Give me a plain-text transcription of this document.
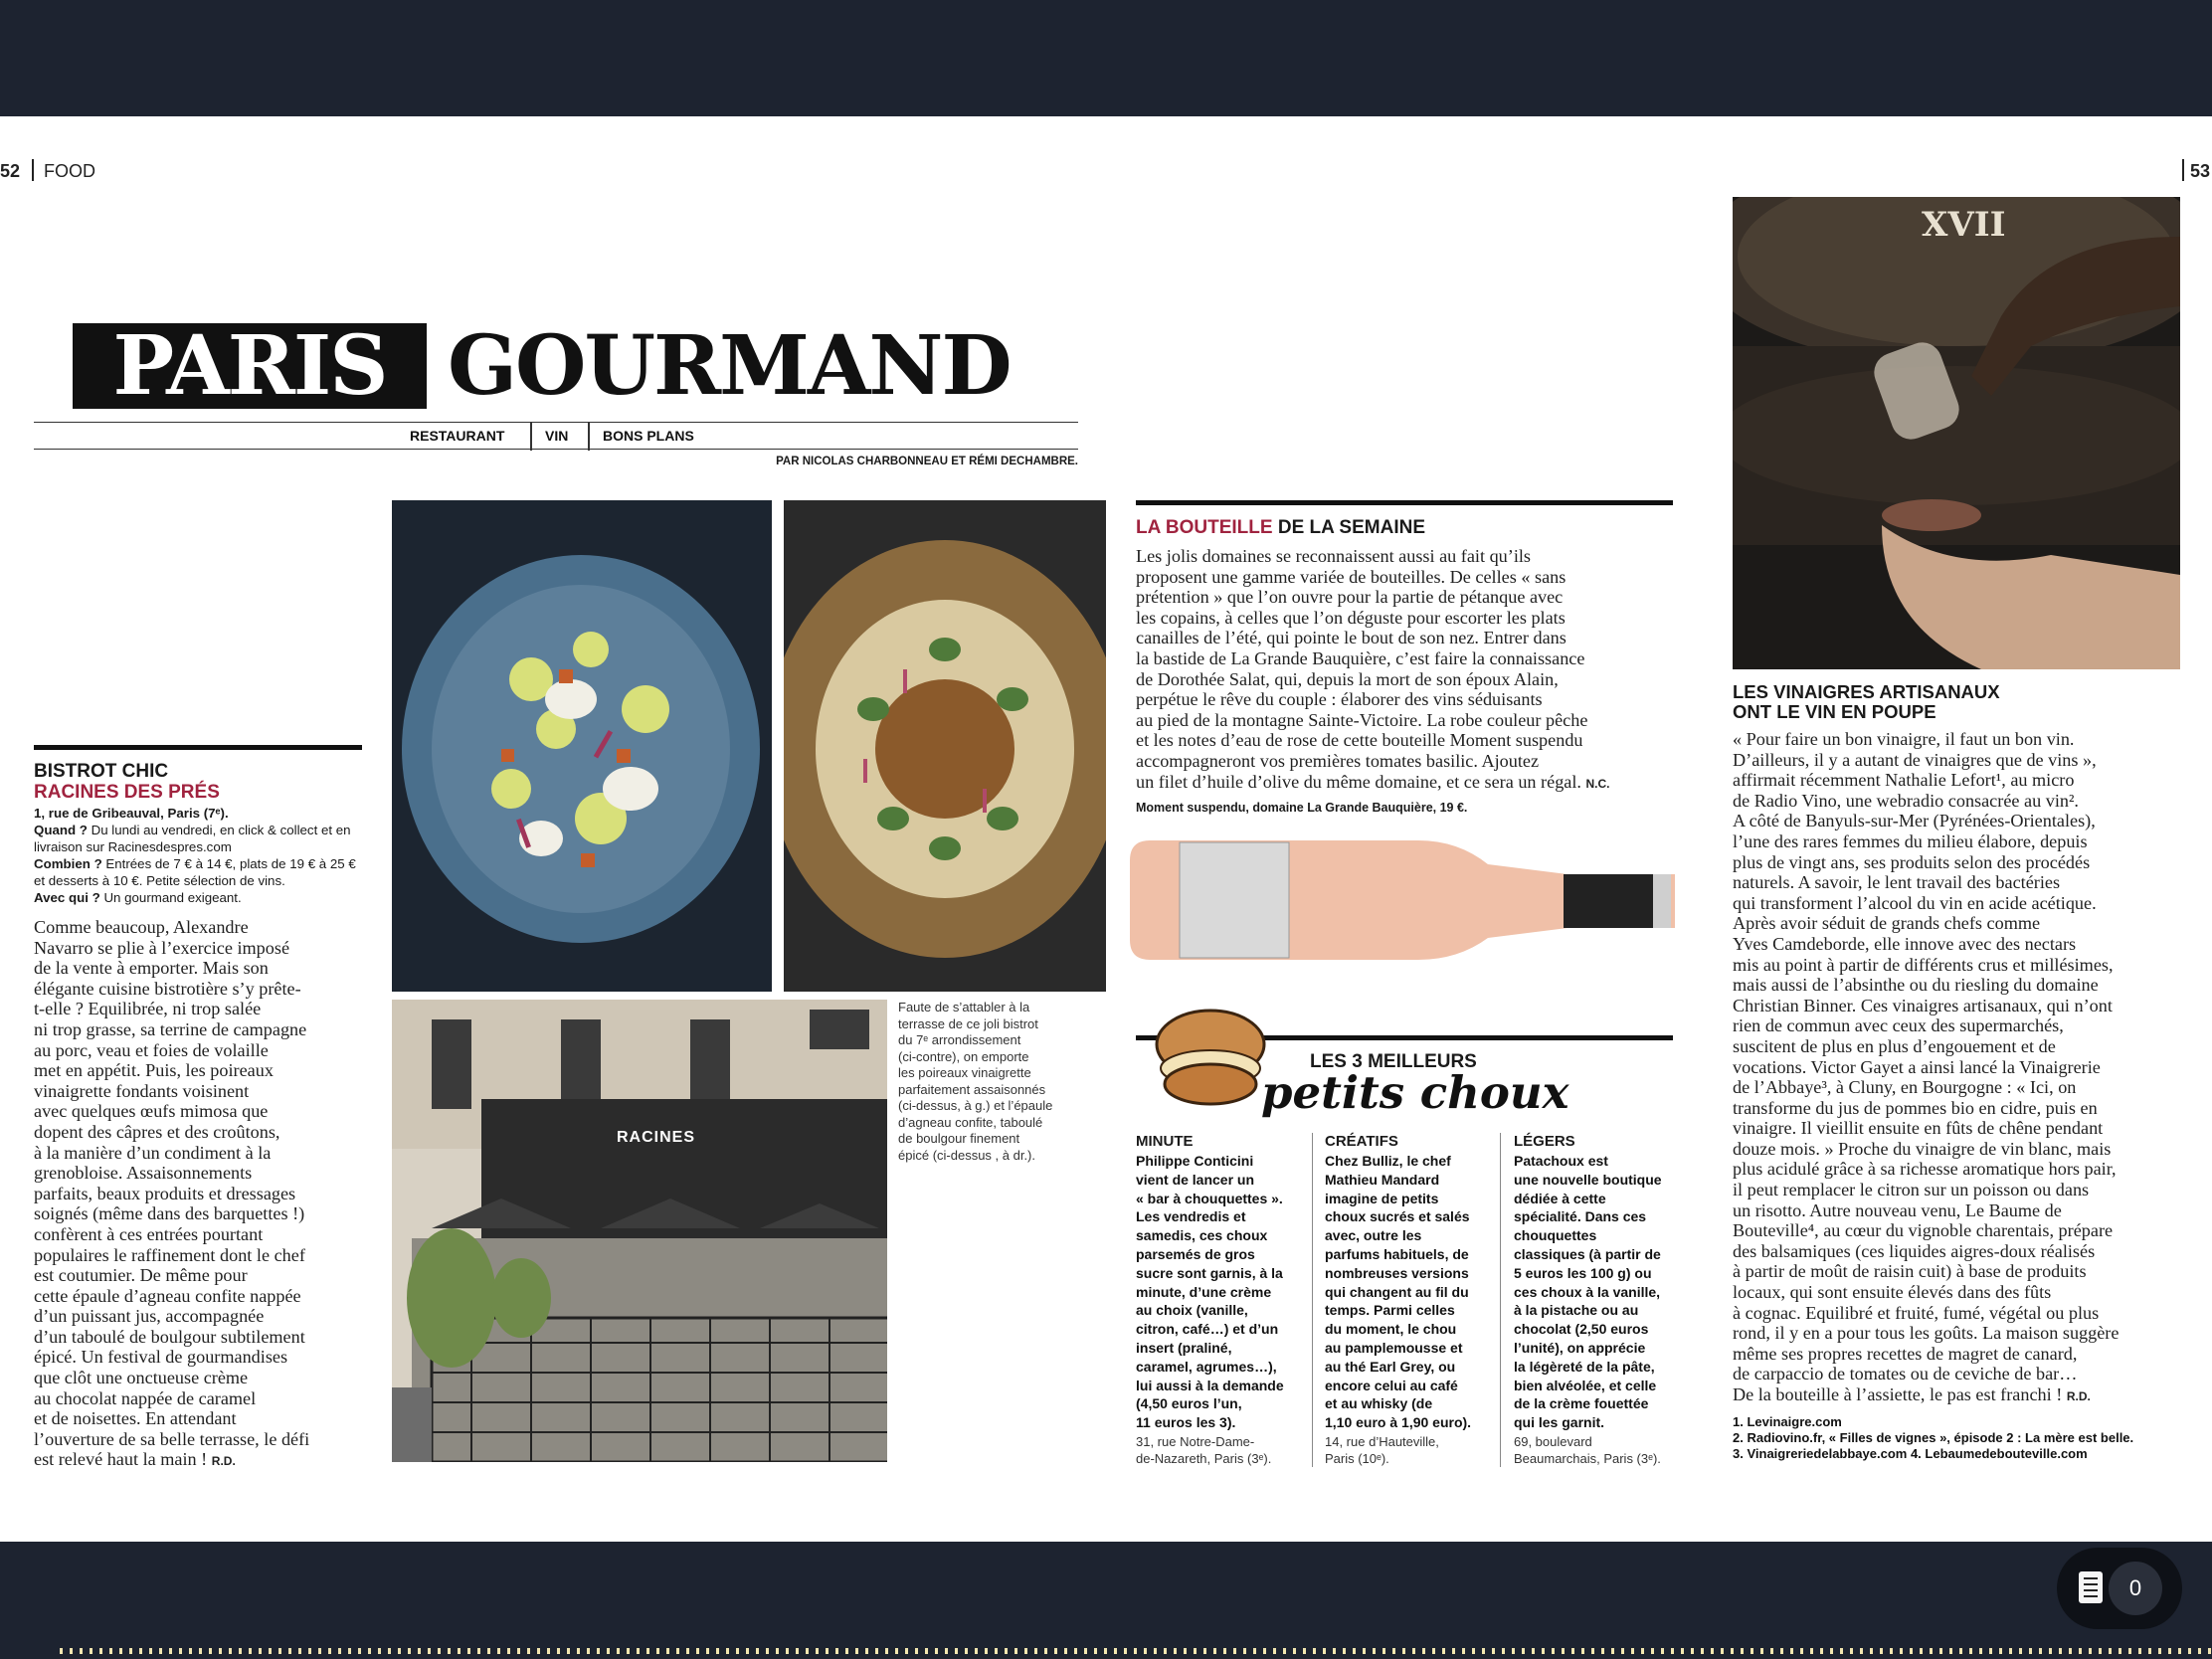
52 FOOD	53
PARIS GOURMAND
RESTAURANT	VIN BONS PLANS
PAR NICOLAS CHARBONNEAU ET RÉMI DECHAMBRE.
BISTROT CHIC
RACINES DES PRÉS
1, rue de Gribeauval, Paris (7ᵉ).
Quand ? Du lundi au vendredi, en click & collect et en livraison sur Racinesdespres.com
Combien ? Entrées de 7 € à 14 €, plats de 19 € à 25 € et desserts à 10 €. Petite sélection de vins.
Avec qui ? Un gourmand exigeant.
Comme beaucoup, Alexandre
Navarro se plie à l’exercice imposé
de la vente à emporter. Mais son
élégante cuisine bistrotière s’y prête-
t-elle ? Equilibrée, ni trop salée
ni trop grasse, sa terrine de campagne
au porc, veau et foies de volaille
met en appétit. Puis, les poireaux
vinaigrette fondants voisinent
avec quelques œufs mimosa que
dopent des câpres et des croûtons,
à la manière d’un condiment à la
grenobloise. Assaisonnements
parfaits, beaux produits et dressages
soignés (même dans des barquettes !)
confèrent à ces entrées pourtant
populaires le raffinement dont le chef
est coutumier. De même pour
cette épaule d’agneau confite nappée
d’un puissant jus, accompagnée
d’un taboulé de boulgour subtilement
épicé. Un festival de gourmandises
que clôt une onctueuse crème
au chocolat nappée de caramel
et de noisettes. En attendant
l’ouverture de sa belle terrasse, le défi
est relevé haut la main ! R.D.
RACINES
Faute de s’attabler à la
terrasse de ce joli bistrot
du 7ᵉ arrondissement
(ci-contre), on emporte
les poireaux vinaigrette
parfaitement assaisonnés
(ci-dessus, à g.) et l’épaule
d’agneau confite, taboulé
de boulgour finement
épicé (ci-dessus , à dr.).
LA BOUTEILLE DE LA SEMAINE
Les jolis domaines se reconnaissent aussi au fait qu’ils
proposent une gamme variée de bouteilles. De celles « sans
prétention » que l’on ouvre pour la partie de pétanque avec
les copains, à celles que l’on déguste pour escorter les plats
canailles de l’été, qui pointe le bout de son nez. Entrer dans
la bastide de La Grande Bauquière, c’est faire la connaissance
de Dorothée Salat, qui, depuis la mort de son époux Alain,
perpétue le rêve du couple : élaborer des vins séduisants
au pied de la montagne Sainte-Victoire. La robe couleur pêche
et les notes d’eau de rose de cette bouteille Moment suspendu
accompagneront vos premières tomates basilic. Ajoutez
un filet d’huile d’olive du même domaine, et ce sera un régal. N.C.
Moment suspendu, domaine La Grande Bauquière, 19 €.
LES 3 MEILLEURS
petits choux
MINUTE
Philippe Conticini
vient de lancer un
« bar à chouquettes ».
Les vendredis et
samedis, ces choux
parsemés de gros
sucre sont garnis, à la
minute, d’une crème
au choix (vanille,
citron, café…) et d’un
insert (praliné,
caramel, agrumes…),
lui aussi à la demande
(4,50 euros l’un,
11 euros les 3).
31, rue Notre-Dame-
de-Nazareth, Paris (3ᵉ).
CRÉATIFS
Chez Bulliz, le chef
Mathieu Mandard
imagine de petits
choux sucrés et salés
avec, outre les
parfums habituels, de
nombreuses versions
qui changent au fil du
temps. Parmi celles
du moment, le chou
au pamplemousse et
au thé Earl Grey, ou
encore celui au café
et au whisky (de
1,10 euro à 1,90 euro).
14, rue d’Hauteville,
Paris (10ᵉ).
LÉGERS
Patachoux est
une nouvelle boutique
dédiée à cette
spécialité. Dans ces
chouquettes
classiques (à partir de
5 euros les 100 g) ou
ces choux à la vanille,
à la pistache ou au
chocolat (2,50 euros
l’unité), on apprécie
la légèreté de la pâte,
bien alvéolée, et celle
de la crème fouettée
qui les garnit.
69, boulevard
Beaumarchais, Paris (3ᵉ).
XVII
LES VINAIGRES ARTISANAUX
ONT LE VIN EN POUPE
« Pour faire un bon vinaigre, il faut un bon vin.
D’ailleurs, il y a autant de vinaigres que de vins »,
affirmait récemment Nathalie Lefort¹, au micro
de Radio Vino, une webradio consacrée au vin².
A côté de Banyuls-sur-Mer (Pyrénées-Orientales),
l’une des rares femmes du milieu élabore, depuis
plus de vingt ans, ses produits selon des procédés
naturels. A savoir, le lent travail des bactéries
qui transforment l’alcool du vin en acide acétique.
Après avoir séduit de grands chefs comme
Yves Camdeborde, elle innove avec des nectars
mis au point à partir de différents crus et millésimes,
mais aussi de l’absinthe ou du riesling du domaine
Christian Binner. Ces vinaigres artisanaux, qui n’ont
rien de commun avec ceux des supermarchés,
suscitent de plus en plus d’engouement et de
vocations. Victor Gayet a ainsi lancé la Vinaigrerie
de l’Abbaye³, à Cluny, en Bourgogne : « Ici, on
transforme du jus de pommes bio en cidre, puis en
vinaigre. Il vieillit ensuite en fûts de chêne pendant
douze mois. » Proche du vinaigre de vin blanc, mais
plus acidulé grâce à sa richesse aromatique hors pair,
il peut remplacer le citron sur un poisson ou dans
un risotto. Autre nouveau venu, Le Baume de
Bouteville⁴, au cœur du vignoble charentais, prépare
des balsamiques (ces liquides aigres-doux réalisés
à partir de moût de raisin cuit) à base de produits
locaux, qui sont ensuite élevés dans des fûts
à cognac. Equilibré et fruité, fumé, végétal ou plus
rond, il y en a pour tous les goûts. La maison suggère
même ses propres recettes de magret de canard,
de carpaccio de tomates ou de ceviche de bar…
De la bouteille à l’assiette, le pas est franchi ! R.D.
1. Levinaigre.com
2. Radiovino.fr, « Filles de vignes », épisode 2 : La mère est belle.
3. Vinaigreriedelabbaye.com 4. Lebaumedebouteville.com
0
